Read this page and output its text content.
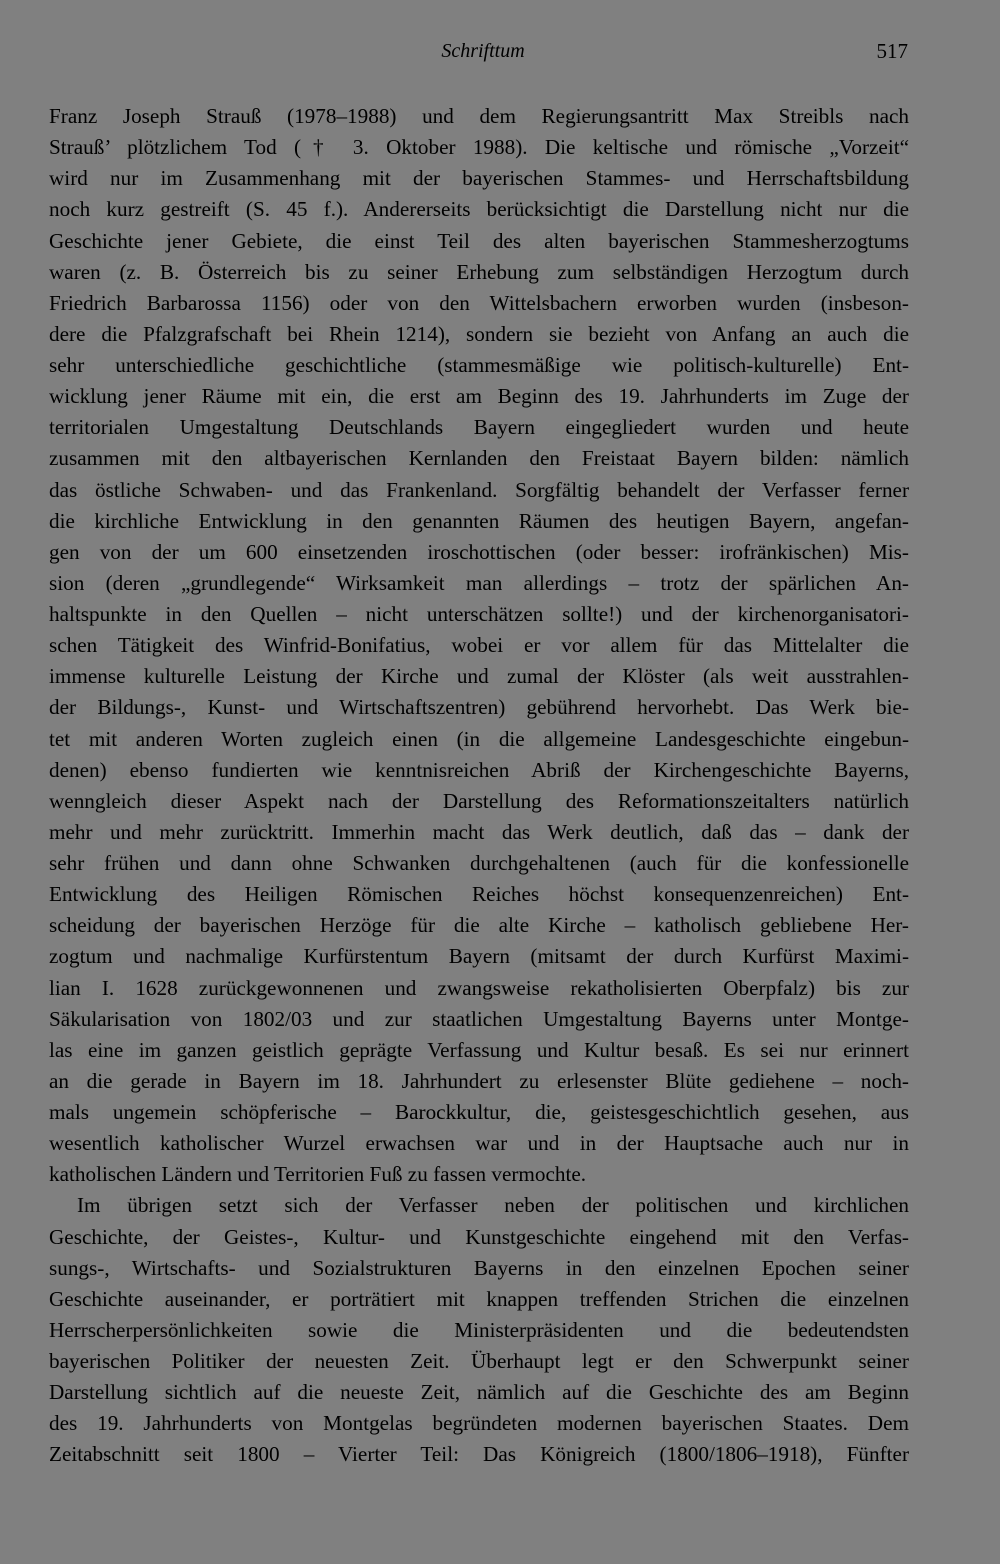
Schrifttum	517
Franz Joseph Strauß (1978–1988) und dem Regierungsantritt Max Streibls nach
Strauß’ plötzlichem Tod († 3. Oktober 1988). Die keltische und römische „Vorzeit“
wird nur im Zusammenhang mit der bayerischen Stammes- und Herrschaftsbildung
noch kurz gestreift (S. 45 f.). Andererseits berücksichtigt die Darstellung nicht nur die
Geschichte jener Gebiete, die einst Teil des alten bayerischen Stammesherzogtums
waren (z. B. Österreich bis zu seiner Erhebung zum selbständigen Herzogtum durch
Friedrich Barbarossa 1156) oder von den Wittelsbachern erworben wurden (insbeson-
dere die Pfalzgrafschaft bei Rhein 1214), sondern sie bezieht von Anfang an auch die
sehr unterschiedliche geschichtliche (stammesmäßige wie politisch-kulturelle) Ent-
wicklung jener Räume mit ein, die erst am Beginn des 19. Jahrhunderts im Zuge der
territorialen Umgestaltung Deutschlands Bayern eingegliedert wurden und heute
zusammen mit den altbayerischen Kernlanden den Freistaat Bayern bilden: nämlich
das östliche Schwaben- und das Frankenland. Sorgfältig behandelt der Verfasser ferner
die kirchliche Entwicklung in den genannten Räumen des heutigen Bayern, angefan-
gen von der um 600 einsetzenden iroschottischen (oder besser: irofränkischen) Mis-
sion (deren „grundlegende“ Wirksamkeit man allerdings – trotz der spärlichen An-
haltspunkte in den Quellen – nicht unterschätzen sollte!) und der kirchenorganisatori-
schen Tätigkeit des Winfrid-Bonifatius, wobei er vor allem für das Mittelalter die
immense kulturelle Leistung der Kirche und zumal der Klöster (als weit ausstrahlen-
der Bildungs-, Kunst- und Wirtschaftszentren) gebührend hervorhebt. Das Werk bie-
tet mit anderen Worten zugleich einen (in die allgemeine Landesgeschichte eingebun-
denen) ebenso fundierten wie kenntnisreichen Abriß der Kirchengeschichte Bayerns,
wenngleich dieser Aspekt nach der Darstellung des Reformationszeitalters natürlich
mehr und mehr zurücktritt. Immerhin macht das Werk deutlich, daß das – dank der
sehr frühen und dann ohne Schwanken durchgehaltenen (auch für die konfessionelle
Entwicklung des Heiligen Römischen Reiches höchst konsequenzenreichen) Ent-
scheidung der bayerischen Herzöge für die alte Kirche – katholisch gebliebene Her-
zogtum und nachmalige Kurfürstentum Bayern (mitsamt der durch Kurfürst Maximi-
lian I. 1628 zurückgewonnenen und zwangsweise rekatholisierten Oberpfalz) bis zur
Säkularisation von 1802/03 und zur staatlichen Umgestaltung Bayerns unter Montge-
las eine im ganzen geistlich geprägte Verfassung und Kultur besaß. Es sei nur erinnert
an die gerade in Bayern im 18. Jahrhundert zu erlesenster Blüte gediehene – noch-
mals ungemein schöpferische – Barockkultur, die, geistesgeschichtlich gesehen, aus
wesentlich katholischer Wurzel erwachsen war und in der Hauptsache auch nur in
katholischen Ländern und Territorien Fuß zu fassen vermochte.
Im übrigen setzt sich der Verfasser neben der politischen und kirchlichen
Geschichte, der Geistes-, Kultur- und Kunstgeschichte eingehend mit den Verfas-
sungs-, Wirtschafts- und Sozialstrukturen Bayerns in den einzelnen Epochen seiner
Geschichte auseinander, er porträtiert mit knappen treffenden Strichen die einzelnen
Herrscherpersönlichkeiten sowie die Ministerpräsidenten und die bedeutendsten
bayerischen Politiker der neuesten Zeit. Überhaupt legt er den Schwerpunkt seiner
Darstellung sichtlich auf die neueste Zeit, nämlich auf die Geschichte des am Beginn
des 19. Jahrhunderts von Montgelas begründeten modernen bayerischen Staates. Dem
Zeitabschnitt seit 1800 – Vierter Teil: Das Königreich (1800/1806–1918), Fünfter
